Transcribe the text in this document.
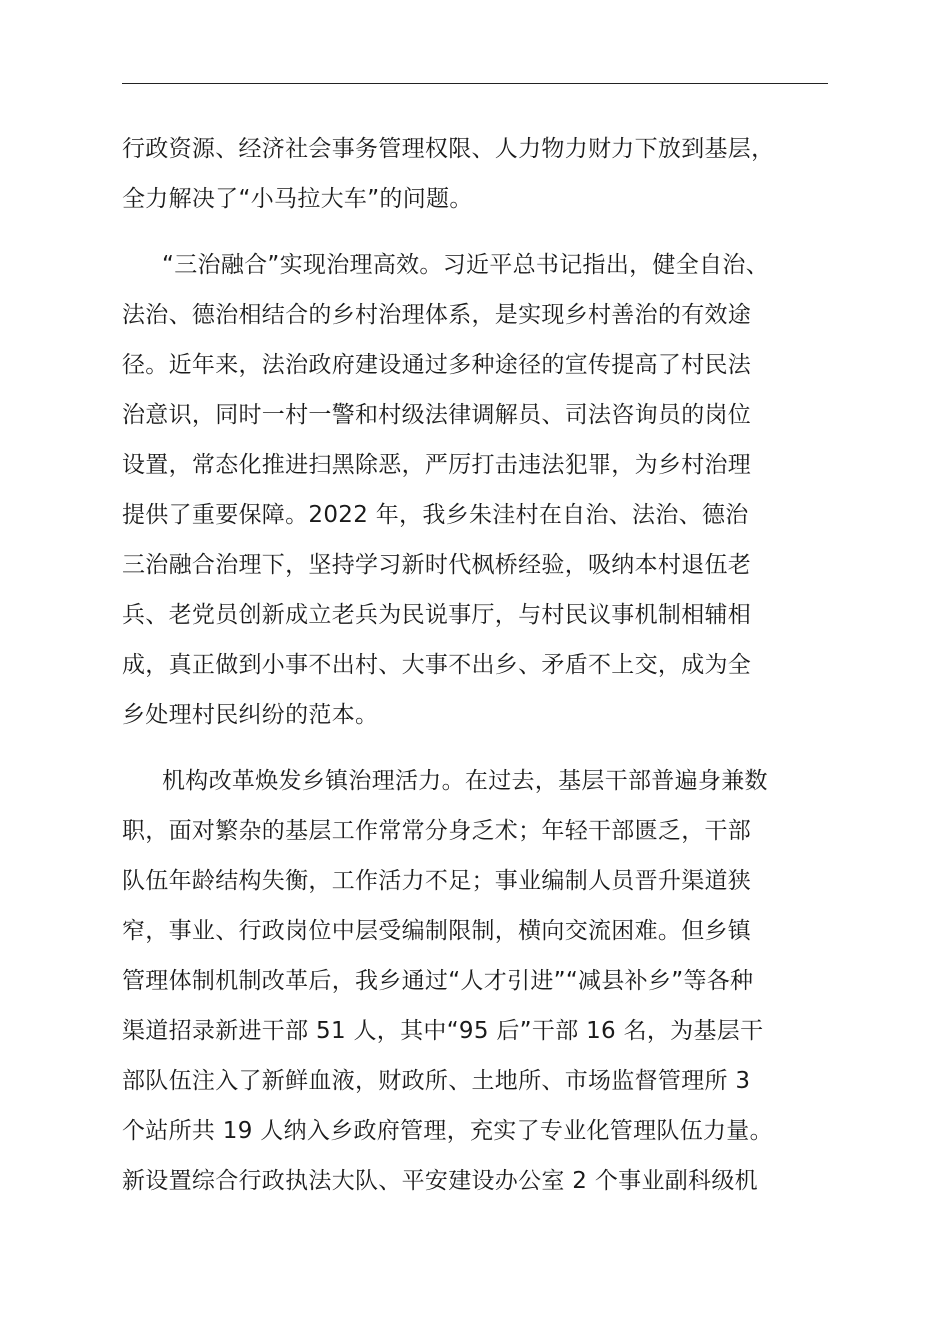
行政资源、经济社会事务管理权限、人力物力财力下放到基层，
全力解决了“小马拉大车”的问题。
“三治融合”实现治理高效。习近平总书记指出，健全自治、
法治、德治相结合的乡村治理体系，是实现乡村善治的有效途
径。近年来，法治政府建设通过多种途径的宣传提高了村民法
治意识，同时一村一警和村级法律调解员、司法咨询员的岗位
设置，常态化推进扫黑除恶，严厉打击违法犯罪，为乡村治理
提供了重要保障。2022 年，我乡朱洼村在自治、法治、德治
三治融合治理下，坚持学习新时代枫桥经验，吸纳本村退伍老
兵、老党员创新成立老兵为民说事厅，与村民议事机制相辅相
成，真正做到小事不出村、大事不出乡、矛盾不上交，成为全
乡处理村民纠纷的范本。
机构改革焕发乡镇治理活力。在过去，基层干部普遍身兼数
职，面对繁杂的基层工作常常分身乏术；年轻干部匮乏，干部
队伍年龄结构失衡，工作活力不足；事业编制人员晋升渠道狭
窄，事业、行政岗位中层受编制限制，横向交流困难。但乡镇
管理体制机制改革后，我乡通过“人才引进”“减县补乡”等各种
渠道招录新进干部 51 人，其中“95 后”干部 16 名，为基层干
部队伍注入了新鲜血液，财政所、土地所、市场监督管理所 3
个站所共 19 人纳入乡政府管理，充实了专业化管理队伍力量。
新设置综合行政执法大队、平安建设办公室 2 个事业副科级机
